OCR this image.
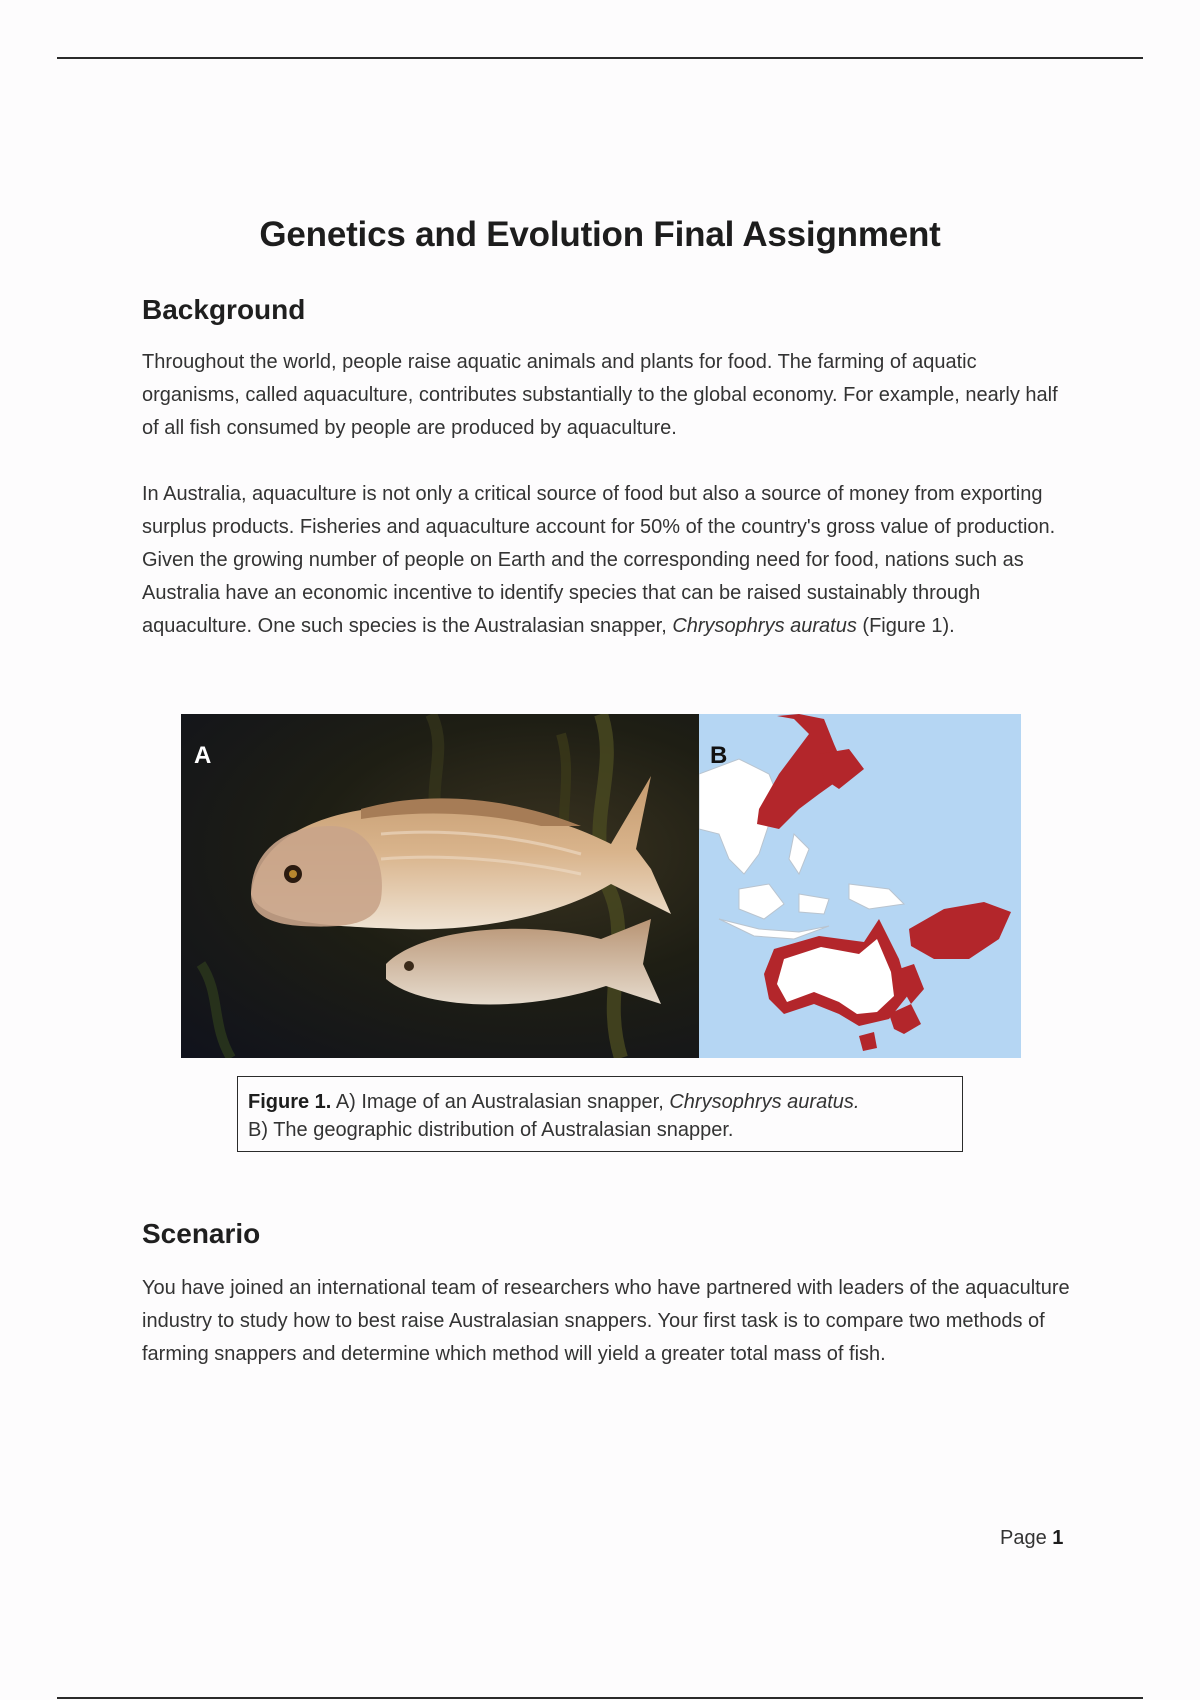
Genetics and Evolution Final Assignment
Background

Throughout the world, people raise aquatic animals and plants for food. The farming of aquatic organisms, called aquaculture, contributes substantially to the global economy. For example, nearly half of all fish consumed by people are produced by aquaculture.

In Australia, aquaculture is not only a critical source of food but also a source of money from exporting surplus products. Fisheries and aquaculture account for 50% of the country's gross value of production. Given the growing number of people on Earth and the corresponding need for food, nations such as Australia have an economic incentive to identify species that can be raised sustainably through aquaculture. One such species is the Australasian snapper, Chrysophrys auratus (Figure 1).

A	B
Figure 1. A) Image of an Australasian snapper, Chrysophrys auratus.
B) The geographic distribution of Australasian snapper.
Scenario

You have joined an international team of researchers who have partnered with leaders of the aquaculture industry to study how to best raise Australasian snappers. Your first task is to compare two methods of farming snappers and determine which method will yield a greater total mass of fish.

Page 1
